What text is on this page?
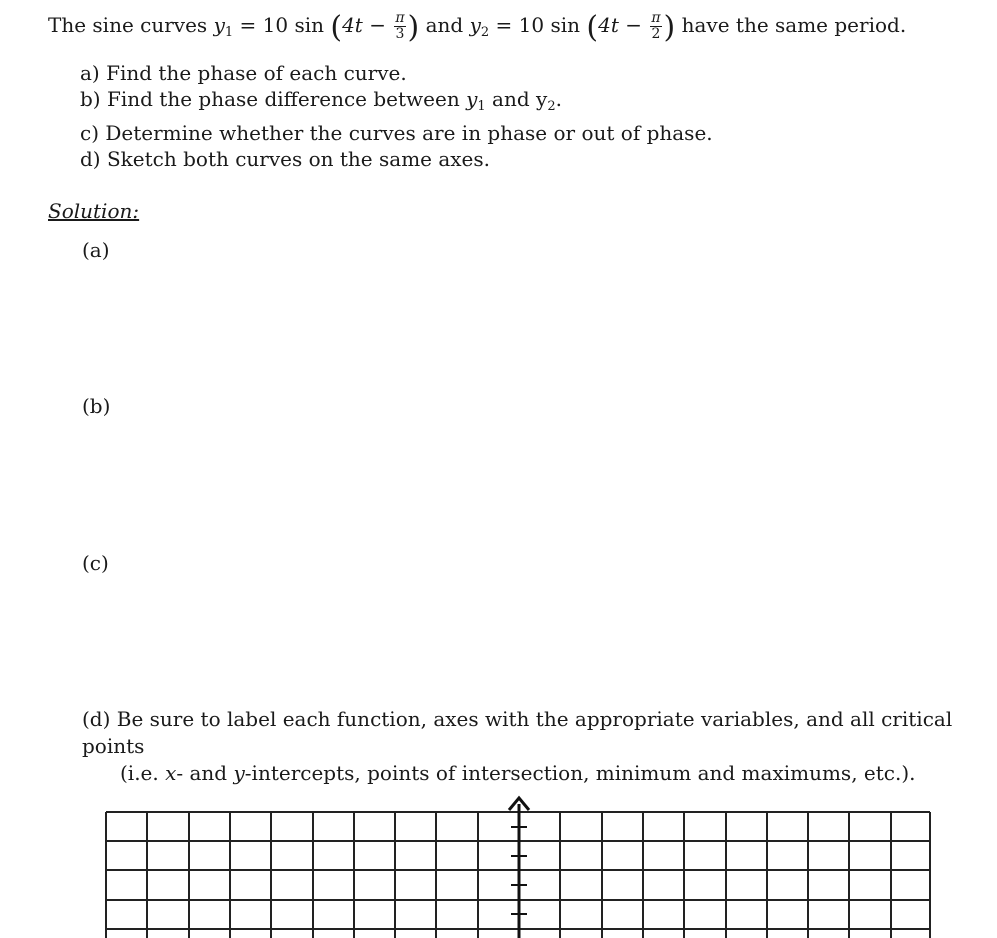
The sine curves $y_1 = 10$ $\sin (4t - \frac{\pi}{3}$ ) and $y_2 = 10$ $\sin (4t - \frac{\pi}{2}$ ) have the same period.
a) Find the phase of each curve.
b) Find the phase difference between $y_1$ and $y_2$.
c) Determine whether the curves are in phase or out of phase.
d) Sketch both curves on the same axes.
Solution:
(a)
(b)
(c)
(d) Be sure to label each function, axes with the appropriate variables, and all critical points
(i.e. x- and y-intercepts, points of intersection, minimum and maximums, etc.).
